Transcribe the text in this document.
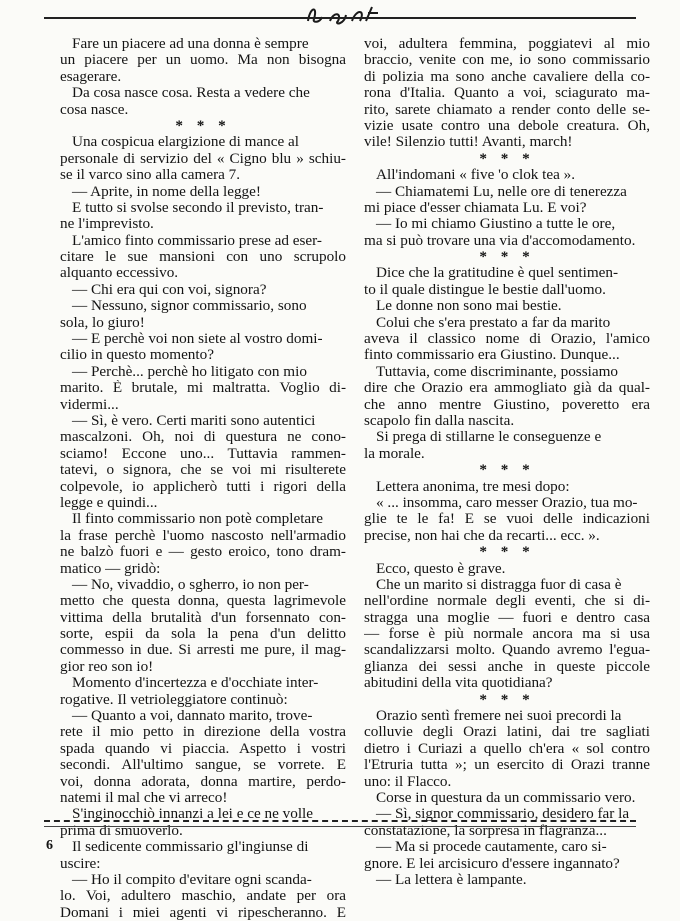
Fare un piacere ad una donna è sempre
un piacere per un uomo. Ma non bisogna
esagerare.
Da cosa nasce cosa. Resta a vedere che
cosa nasce.
* * *
Una cospicua elargizione di mance al
personale di servizio del « Cigno blu » schiu-
se il varco sino alla camera 7.
— Aprite, in nome della legge!
E tutto si svolse secondo il previsto, tran-
ne l'imprevisto.
L'amico finto commissario prese ad eser-
citare le sue mansioni con uno scrupolo
alquanto eccessivo.
— Chi era qui con voi, signora?
— Nessuno, signor commissario, sono
sola, lo giuro!
— E perchè voi non siete al vostro domi-
cilio in questo momento?
— Perchè... perchè ho litigato con mio
marito. È brutale, mi maltratta. Voglio di-
vidermi...
— Sì, è vero. Certi mariti sono autentici
mascalzoni. Oh, noi di questura ne cono-
sciamo! Eccone uno... Tuttavia rammen-
tatevi, o signora, che se voi mi risulterete
colpevole, io applicherò tutti i rigori della
legge e quindi...
Il finto commissario non potè completare
la frase perchè l'uomo nascosto nell'armadio
ne balzò fuori e — gesto eroico, tono dram-
matico — gridò:
— No, vivaddio, o sgherro, io non per-
metto che questa donna, questa lagrimevole
vittima della brutalità d'un forsennato con-
sorte, espii da sola la pena d'un delitto
commesso in due. Si arresti me pure, il mag-
gior reo son io!
Momento d'incertezza e d'occhiate inter-
rogative. Il vetrioleggiatore continuò:
— Quanto a voi, dannato marito, trove-
rete il mio petto in direzione della vostra
spada quando vi piaccia. Aspetto i vostri
secondi. All'ultimo sangue, se vorrete. E
voi, donna adorata, donna martire, perdo-
natemi il mal che vi arreco!
S'inginocchiò innanzi a lei e ce ne volle
prima di smuoverlo.
Il sedicente commissario gl'ingiunse di
uscire:
— Ho il compito d'evitare ogni scanda-
lo. Voi, adultero maschio, andate per ora
Domani i miei agenti vi ripescheranno. E
voi, adultera femmina, poggiatevi al mio
braccio, venite con me, io sono commissario
di polizia ma sono anche cavaliere della co-
rona d'Italia. Quanto a voi, sciagurato ma-
rito, sarete chiamato a render conto delle se-
vizie usate contro una debole creatura. Oh,
vile! Silenzio tutti! Avanti, march!
* * *
All'indomani « five 'o clok tea ».
— Chiamatemi Lu, nelle ore di tenerezza
mi piace d'esser chiamata Lu. E voi?
— Io mi chiamo Giustino a tutte le ore,
ma si può trovare una via d'accomodamento.
* * *
Dice che la gratitudine è quel sentimen-
to il quale distingue le bestie dall'uomo.
Le donne non sono mai bestie.
Colui che s'era prestato a far da marito
aveva il classico nome di Orazio, l'amico
finto commissario era Giustino. Dunque...
Tuttavia, come discriminante, possiamo
dire che Orazio era ammogliato già da qual-
che anno mentre Giustino, poveretto era
scapolo fin dalla nascita.
Si prega di stillarne le conseguenze e
la morale.
* * *
Lettera anonima, tre mesi dopo:
« ... insomma, caro messer Orazio, tua mo-
glie te le fa! E se vuoi delle indicazioni
precise, non hai che da recarti... ecc. ».
* * *
Ecco, questo è grave.
Che un marito si distragga fuor di casa è
nell'ordine normale degli eventi, che si di-
stragga una moglie — fuori e dentro casa
— forse è più normale ancora ma si usa
scandalizzarsi molto. Quando avremo l'egua-
glianza dei sessi anche in queste piccole
abitudini della vita quotidiana?
* * *
Orazio sentì fremere nei suoi precordi la
colluvie degli Orazi latini, dai tre sagliati
dietro i Curiazi a quello ch'era « sol contro
l'Etruria tutta »; un esercito di Orazi tranne
uno: il Flacco.
Corse in questura da un commissario vero.
— Sì, signor commissario, desidero far la
constatazione, la sorpresa in flagranza...
— Ma si procede cautamente, caro si-
gnore. E lei arcisicuro d'essere ingannato?
— La lettera è lampante.
6
